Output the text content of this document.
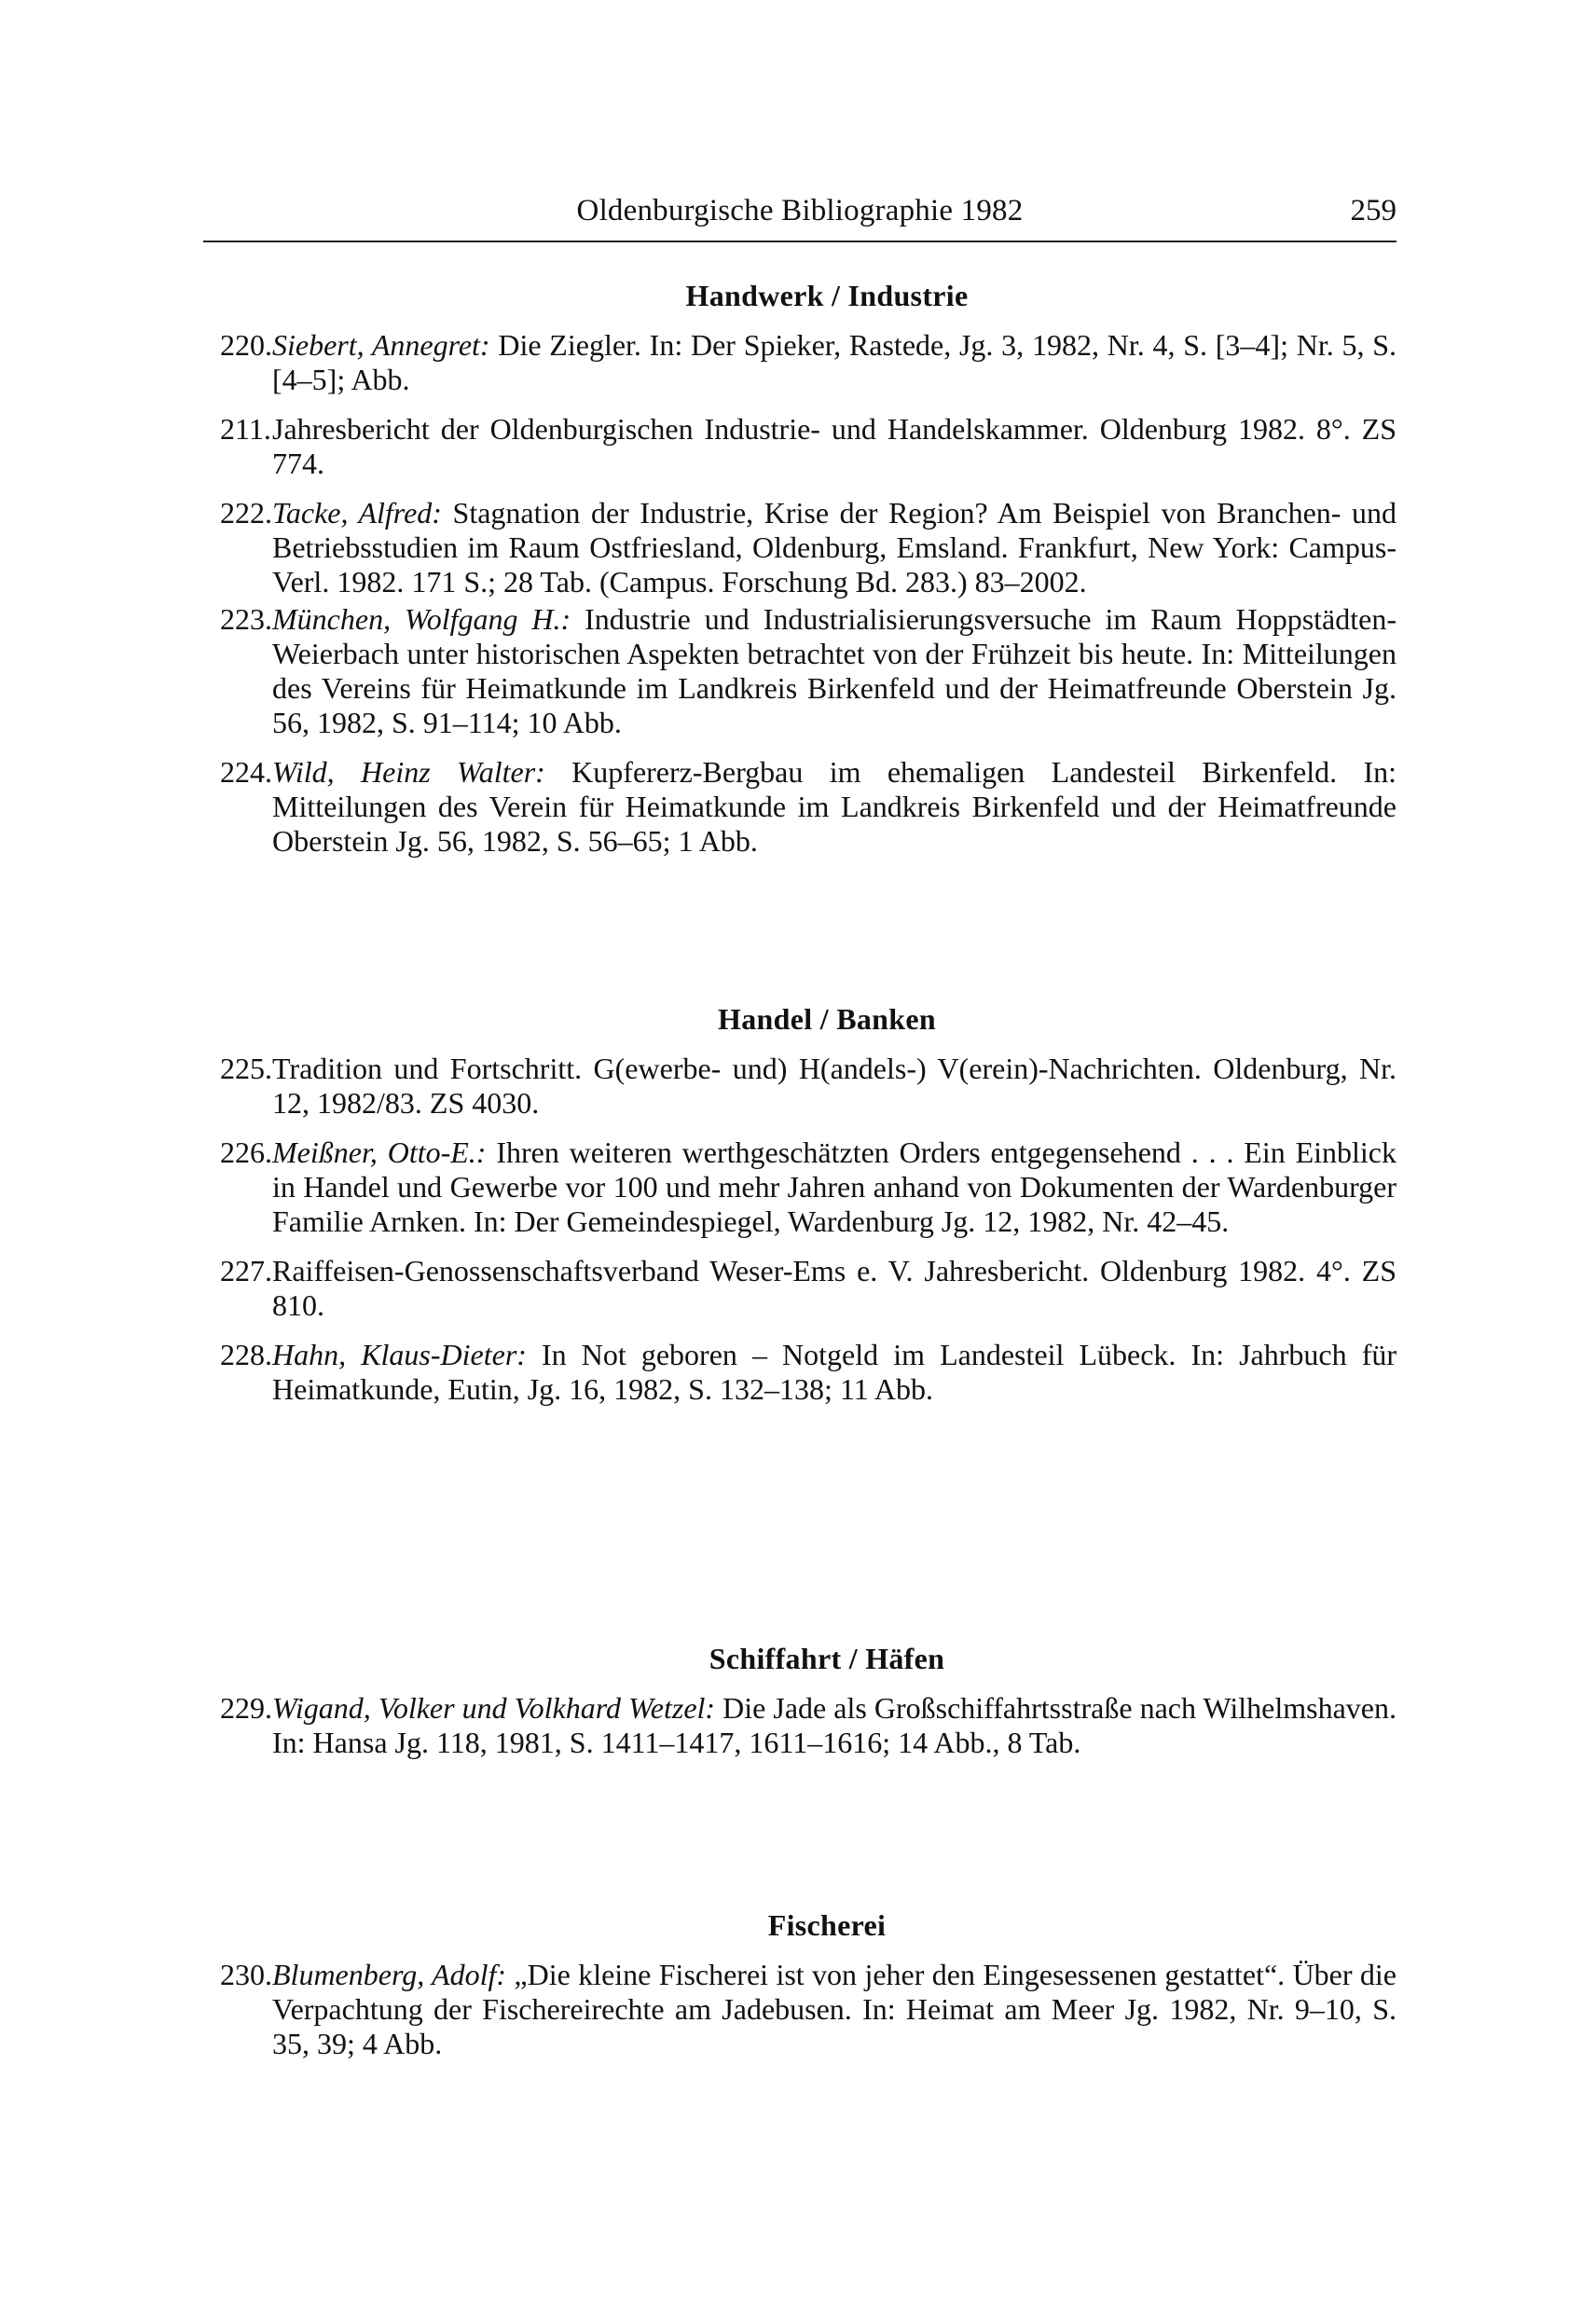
Oldenburgische Bibliographie 1982	259
Handwerk / Industrie
220. Siebert, Annegret: Die Ziegler. In: Der Spieker, Rastede, Jg. 3, 1982, Nr. 4, S. [3–4]; Nr. 5, S. [4–5]; Abb.
211. Jahresbericht der Oldenburgischen Industrie- und Handelskammer. Oldenburg 1982. 8°. ZS 774.
222. Tacke, Alfred: Stagnation der Industrie, Krise der Region? Am Beispiel von Branchen- und Betriebsstudien im Raum Ostfriesland, Oldenburg, Emsland. Frankfurt, New York: Campus-Verl. 1982. 171 S.; 28 Tab. (Campus. Forschung Bd. 283.) 83–2002.
223. München, Wolfgang H.: Industrie und Industrialisierungsversuche im Raum Hoppstädten-Weierbach unter historischen Aspekten betrachtet von der Frühzeit bis heute. In: Mitteilungen des Vereins für Heimatkunde im Landkreis Birkenfeld und der Heimatfreunde Oberstein Jg. 56, 1982, S. 91–114; 10 Abb.
224. Wild, Heinz Walter: Kupfererz-Bergbau im ehemaligen Landesteil Birkenfeld. In: Mitteilungen des Verein für Heimatkunde im Landkreis Birkenfeld und der Heimatfreunde Oberstein Jg. 56, 1982, S. 56–65; 1 Abb.
Handel / Banken
225. Tradition und Fortschritt. G(ewerbe- und) H(andels-) V(erein)-Nachrichten. Oldenburg, Nr. 12, 1982/83. ZS 4030.
226. Meißner, Otto-E.: Ihren weiteren werthgeschätzten Orders entgegensehend . . . Ein Einblick in Handel und Gewerbe vor 100 und mehr Jahren anhand von Dokumenten der Wardenburger Familie Arnken. In: Der Gemeindespiegel, Wardenburg Jg. 12, 1982, Nr. 42–45.
227. Raiffeisen-Genossenschaftsverband Weser-Ems e. V. Jahresbericht. Oldenburg 1982. 4°. ZS 810.
228. Hahn, Klaus-Dieter: In Not geboren – Notgeld im Landesteil Lübeck. In: Jahrbuch für Heimatkunde, Eutin, Jg. 16, 1982, S. 132–138; 11 Abb.
Schiffahrt / Häfen
229. Wigand, Volker und Volkhard Wetzel: Die Jade als Großschiffahrtsstraße nach Wilhelmshaven. In: Hansa Jg. 118, 1981, S. 1411–1417, 1611–1616; 14 Abb., 8 Tab.
Fischerei
230. Blumenberg, Adolf: „Die kleine Fischerei ist von jeher den Eingesessenen gestattet“. Über die Verpachtung der Fischereirechte am Jadebusen. In: Heimat am Meer Jg. 1982, Nr. 9–10, S. 35, 39; 4 Abb.
